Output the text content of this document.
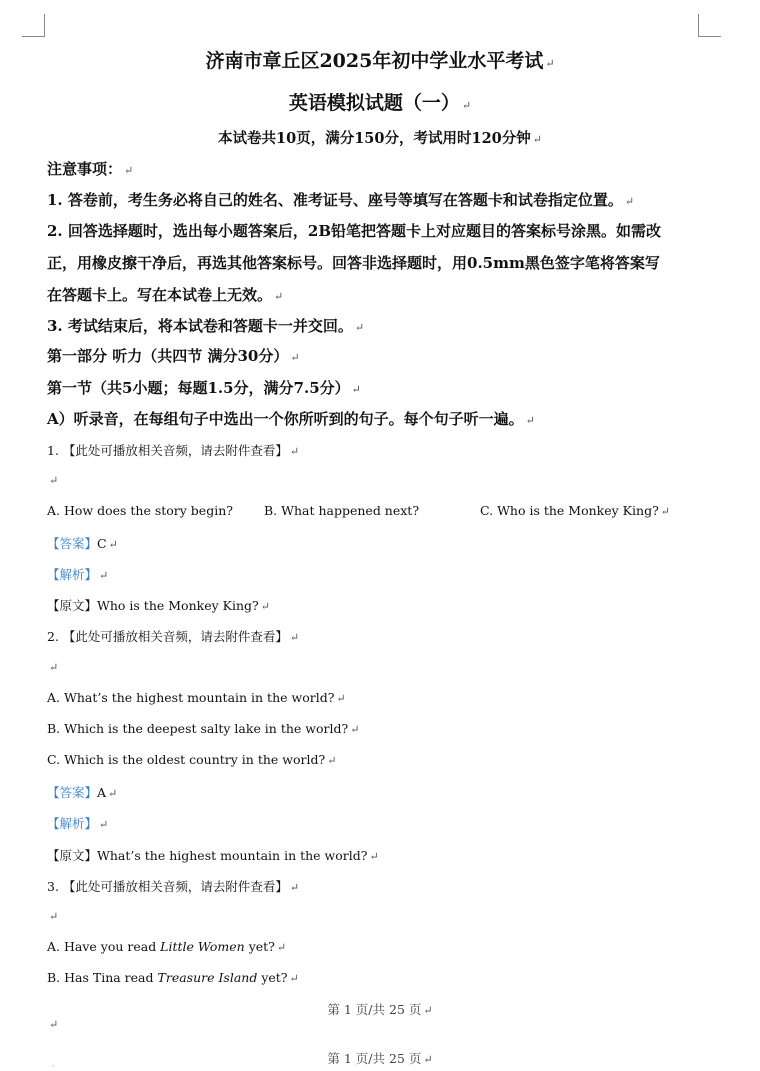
济南市章丘区2025年初中学业水平考试 ↵
英语模拟试题（一） ↵
本试卷共10页，满分150分，考试用时120分钟 ↵
注意事项： ↵
1. 答卷前，考生务必将自己的姓名、准考证号、座号等填写在答题卡和试卷指定位置。 ↵
2. 回答选择题时，选出每小题答案后，2B铅笔把答题卡上对应题目的答案标号涂黑。如需改
正，用橡皮擦干净后，再选其他答案标号。回答非选择题时，用0.5mm黑色签字笔将答案写
在答题卡上。写在本试卷上无效。 ↵
3. 考试结束后，将本试卷和答题卡一并交回。 ↵
第一部分 听力（共四节 满分30分） ↵
第一节（共5小题；每题1.5分，满分7.5分） ↵
A）听录音，在每组句子中选出一个你所听到的句子。每个句子听一遍。 ↵
1. 【此处可播放相关音频，请去附件查看】 ↵
↵
A. How does the story begin? B. What happened next?	C. Who is the Monkey King? ↵
【答案】C ↵
【解析】 ↵
【原文】Who is the Monkey King? ↵
2. 【此处可播放相关音频，请去附件查看】 ↵
↵
A. What’s the highest mountain in the world? ↵
B. Which is the deepest salty lake in the world? ↵
C. Which is the oldest country in the world? ↵
【答案】A ↵
【解析】 ↵
【原文】What’s the highest mountain in the world? ↵
3. 【此处可播放相关音频，请去附件查看】 ↵
↵
A. Have you read Little Women yet? ↵
B. Has Tina read Treasure Island yet? ↵
第 1 页/共 25 页 ↵
↵
第 1 页/共 25 页 ↵
·
